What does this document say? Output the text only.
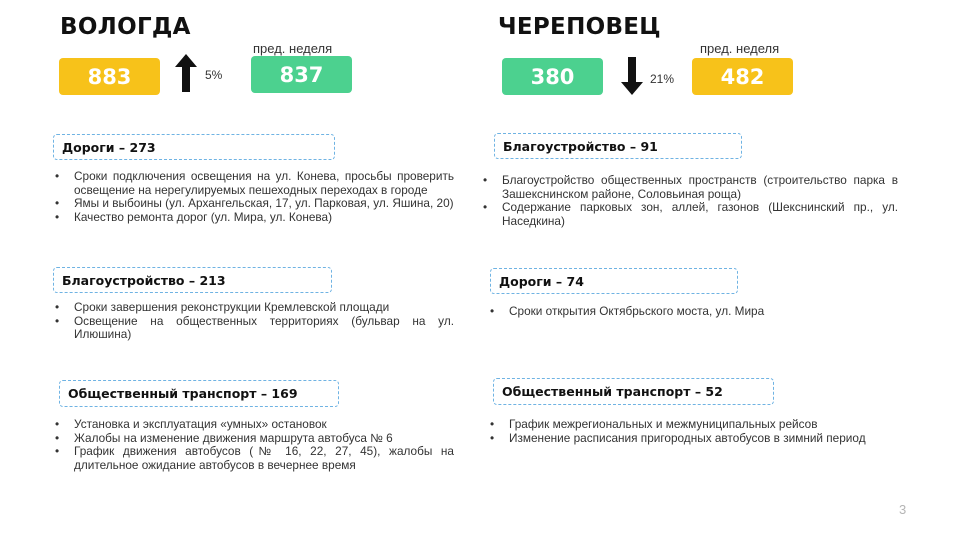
ВОЛОГДА
пред. неделя
883	5%	837
ЧЕРЕПОВЕЦ
пред. неделя
380	21%	482
Дороги – 273
• Сроки подключения освещения на ул. Конева, просьбы проверить освещение на нерегулируемых пешеходных переходах в городе
• Ямы и выбоины (ул. Архангельская, 17, ул. Парковая, ул. Яшина, 20)
• Качество ремонта дорог (ул. Мира, ул. Конева)
Благоустройство – 213
• Сроки завершения реконструкции Кремлевской площади
• Освещение на общественных территориях (бульвар на ул. Илюшина)
Общественный транспорт – 169
• Установка и эксплуатация «умных» остановок
• Жалобы на изменение движения маршрута автобуса № 6
• График движения автобусов (№ 16, 22, 27, 45), жалобы на длительное ожидание автобусов в вечернее время
Благоустройство – 91
• Благоустройство общественных пространств (строительство парка в Зашекснинском районе, Соловьиная роща)
• Содержание парковых зон, аллей, газонов (Шекснинский пр., ул. Наседкина)
Дороги – 74
• Сроки открытия Октябрьского моста, ул. Мира
Общественный транспорт – 52
• График межрегиональных и межмуниципальных рейсов
• Изменение расписания пригородных автобусов в зимний период
3
